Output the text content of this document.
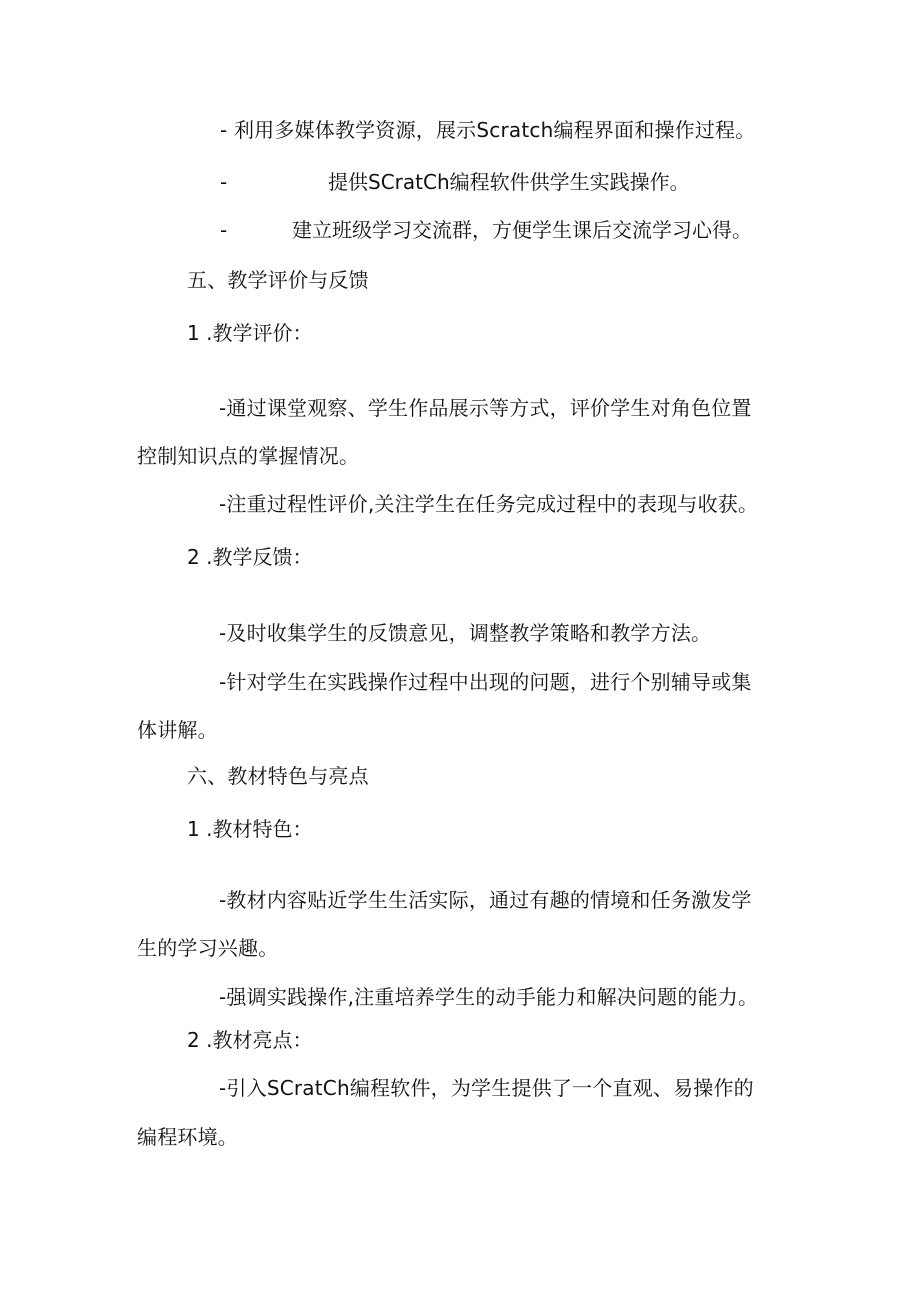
- 利用多媒体教学资源，展示Scratch编程界面和操作过程。
-	提供SCratCh编程软件供学生实践操作。
-	建立班级学习交流群，方便学生课后交流学习心得。
五、教学评价与反馈
1 .教学评价：
-通过课堂观察、学生作品展示等方式，评价学生对角色位置
控制知识点的掌握情况。
-注重过程性评价,关注学生在任务完成过程中的表现与收获。
2 .教学反馈：
-及时收集学生的反馈意见，调整教学策略和教学方法。
-针对学生在实践操作过程中出现的问题，进行个别辅导或集
体讲解。
六、教材特色与亮点
1 .教材特色：
-教材内容贴近学生生活实际，通过有趣的情境和任务激发学
生的学习兴趣。
-强调实践操作,注重培养学生的动手能力和解决问题的能力。
2 .教材亮点：
-引入SCratCh编程软件，为学生提供了一个直观、易操作的
编程环境。
